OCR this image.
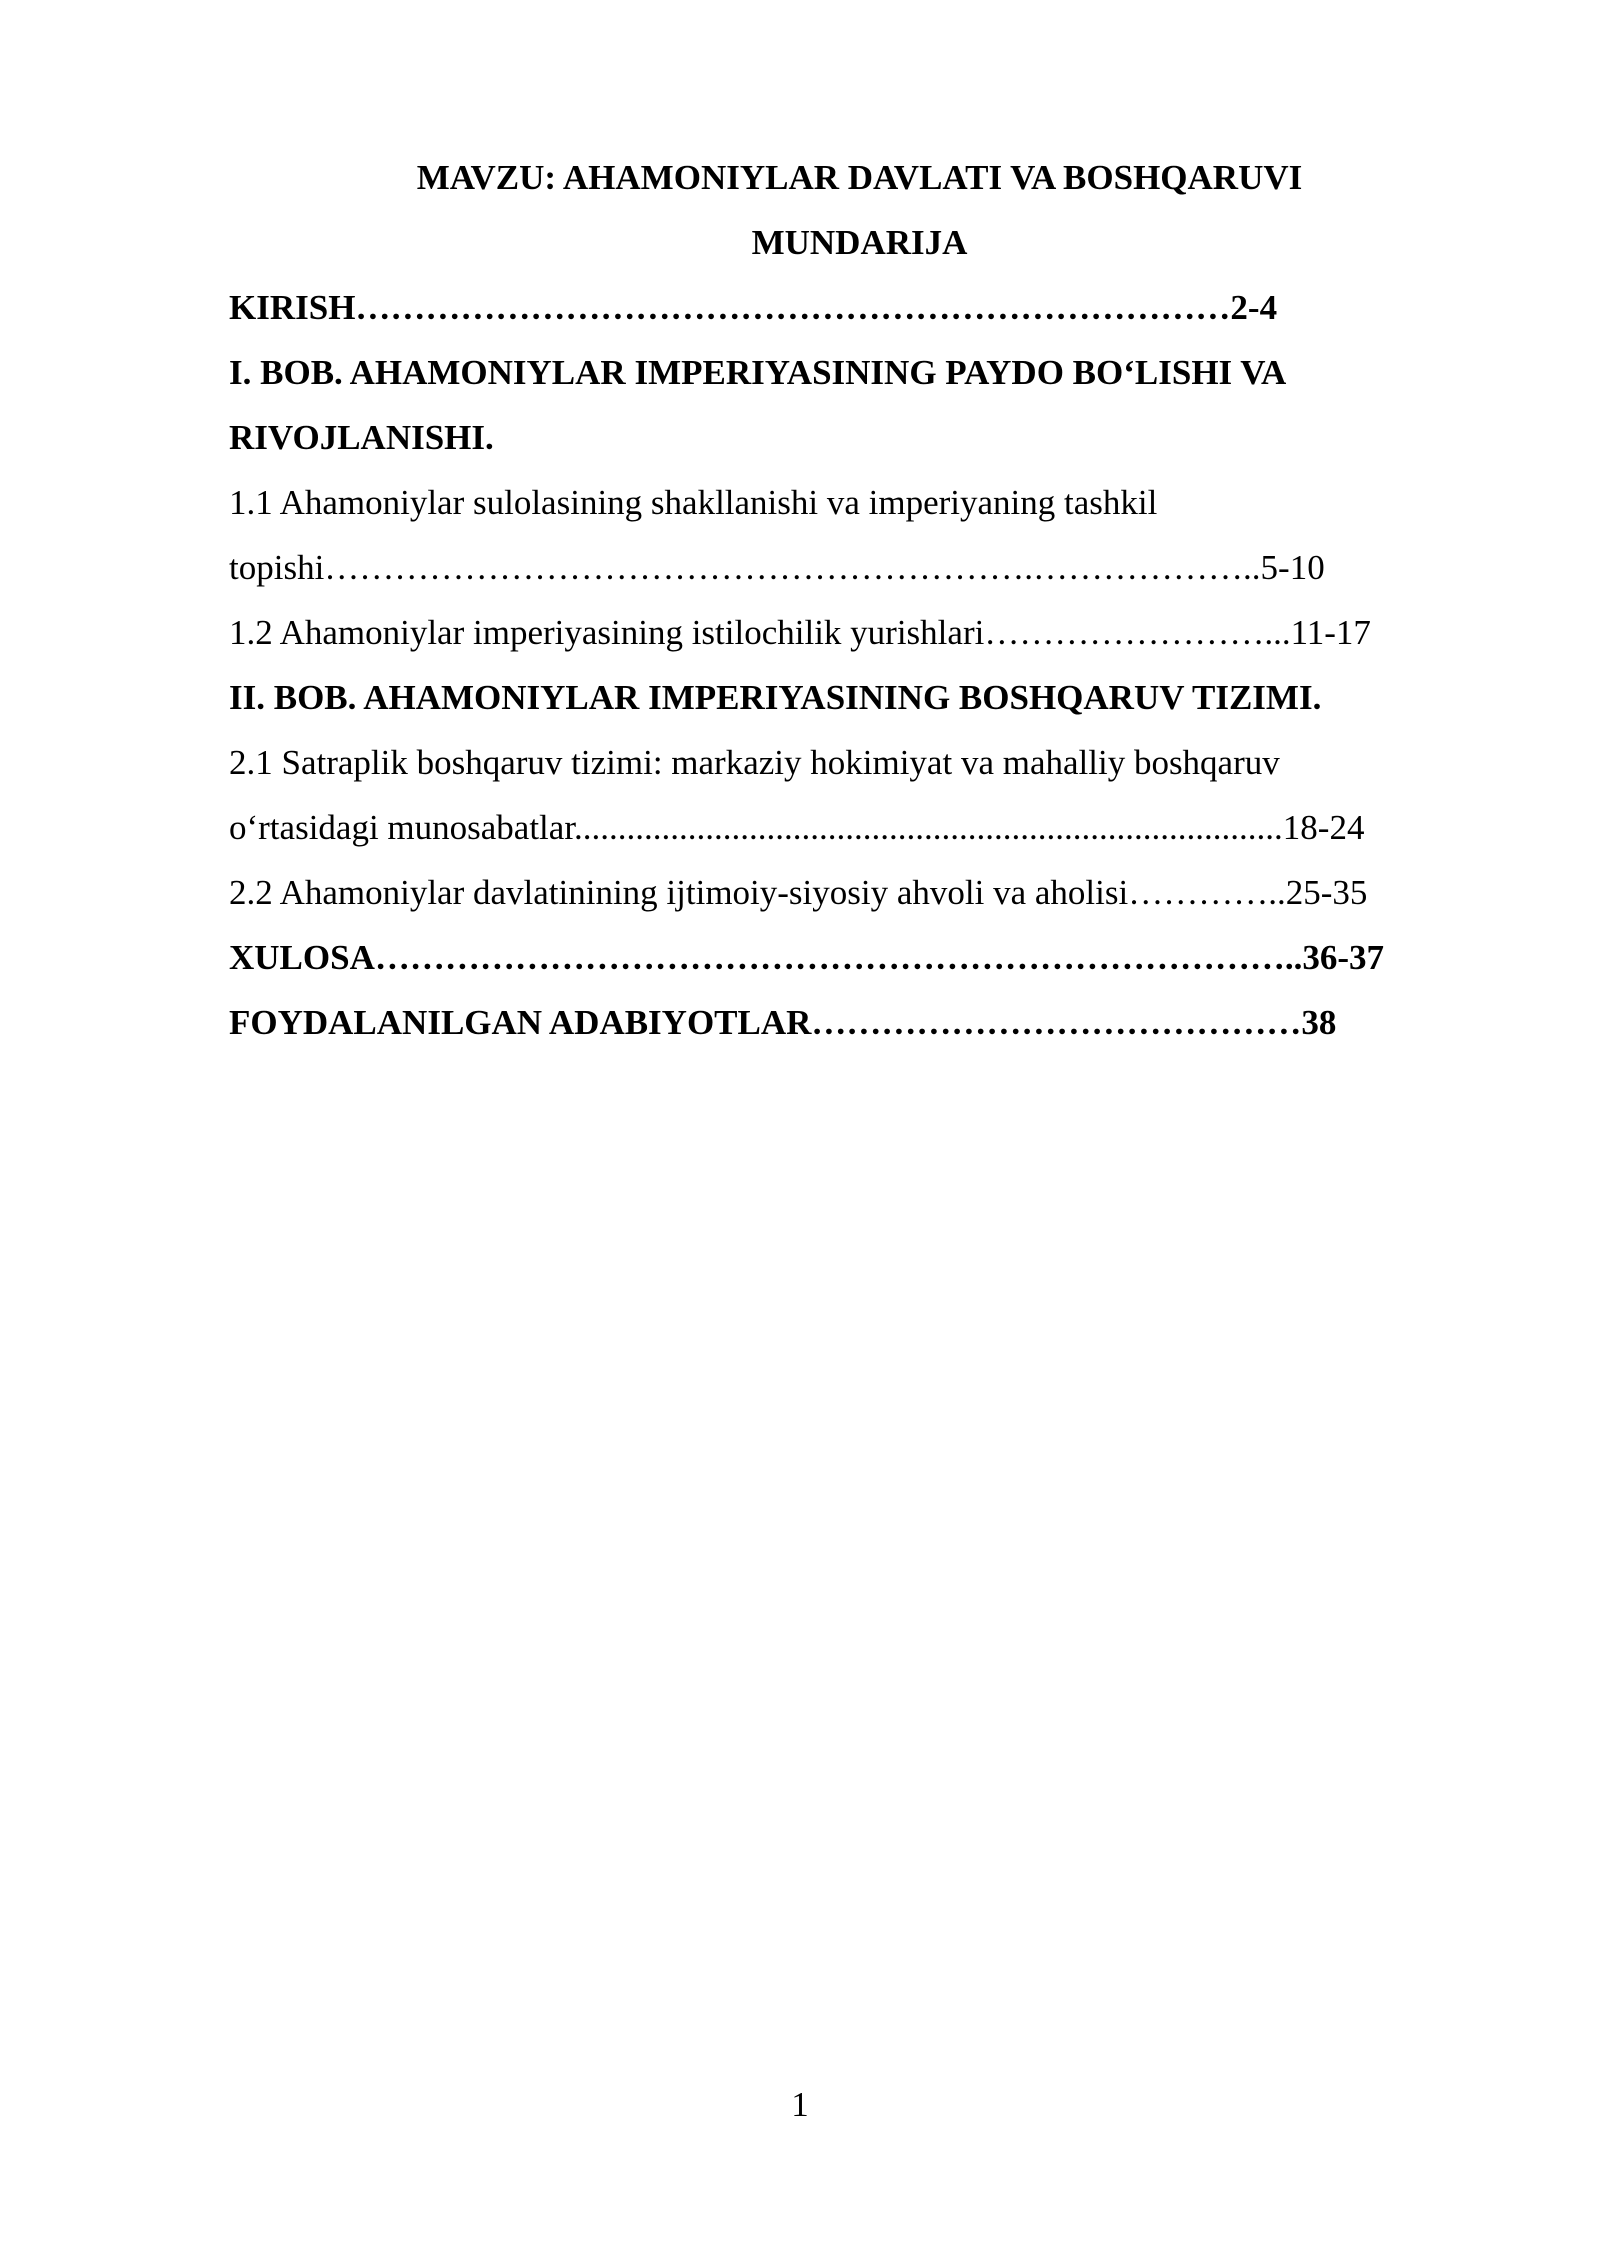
MAVZU: AHAMONIYLAR DAVLATI VA BOSHQARUVI
MUNDARIJA
KIRISH…………………………………………………………………2-4
I. BOB. AHAMONIYLAR IMPERIYASINING PAYDO BO‘LISHI VA
RIVOJLANISHI.
1.1 Ahamoniylar sulolasining shakllanishi va imperiyaning tashkil
topishi…………………………………………………….………………..5-10
1.2 Ahamoniylar imperiyasining istilochilik yurishlari……………………...11-17
II. BOB. AHAMONIYLAR IMPERIYASINING BOSHQARUV TIZIMI.
2.1 Satraplik boshqaruv tizimi: markaziy hokimiyat va mahalliy boshqaruv
o‘rtasidagi munosabatlar.................................................................................18-24
2.2 Ahamoniylar davlatinining ijtimoiy-siyosiy ahvoli va aholisi…………..25-35
XULOSA……………………………………………………………………..36-37
FOYDALANILGAN ADABIYOTLAR……………………………………38
1
